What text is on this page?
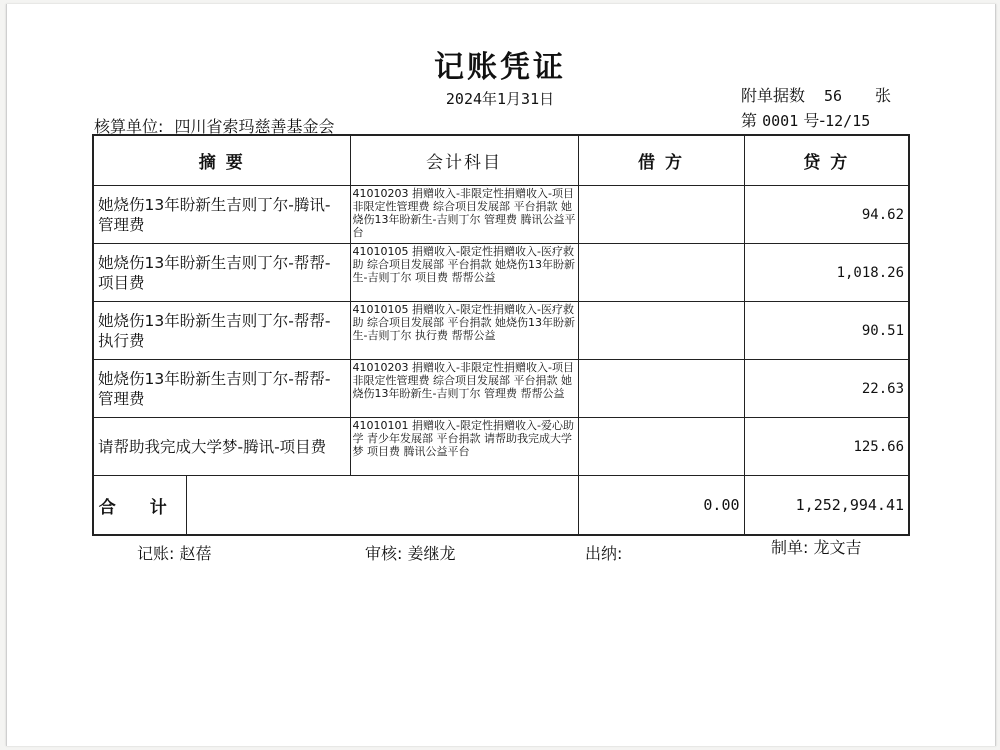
记账凭证
2024年1月31日	附单据数 56 张
第 0001 号-12/15
核算单位: 四川省索玛慈善基金会
摘 要		会计科目	借 方	贷 方
她烧伤13年盼新生吉则丁尔-腾讯-管理费		41010203 捐赠收入-非限定性捐赠收入-项目非限定性管理费 综合项目发展部 平台捐款 她烧伤13年盼新生-吉则丁尔 管理费 腾讯公益平台		94.62
她烧伤13年盼新生吉则丁尔-帮帮-项目费		41010105 捐赠收入-限定性捐赠收入-医疗救助 综合项目发展部 平台捐款 她烧伤13年盼新生-吉则丁尔 项目费 帮帮公益		1,018.26
她烧伤13年盼新生吉则丁尔-帮帮-执行费		41010105 捐赠收入-限定性捐赠收入-医疗救助 综合项目发展部 平台捐款 她烧伤13年盼新生-吉则丁尔 执行费 帮帮公益		90.51
她烧伤13年盼新生吉则丁尔-帮帮-管理费		41010203 捐赠收入-非限定性捐赠收入-项目非限定性管理费 综合项目发展部 平台捐款 她烧伤13年盼新生-吉则丁尔 管理费 帮帮公益		22.63
请帮助我完成大学梦-腾讯-项目费		41010101 捐赠收入-限定性捐赠收入-爱心助学 青少年发展部 平台捐款 请帮助我完成大学梦 项目费 腾讯公益平台		125.66
合 计			0.00	1,252,994.41
记账: 赵蓓	审核: 姜继龙	出纳:	制单: 龙文吉
